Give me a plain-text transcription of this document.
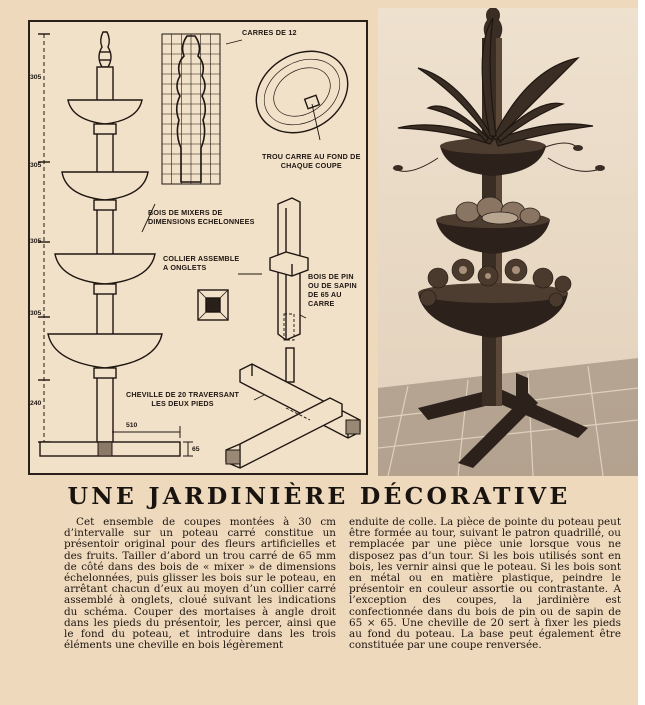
CARRES DE 12
TROU CARRE AU FOND DE
CHAQUE COUPE
BOIS DE MIXERS DE
DIMENSIONS ECHELONNEES
COLLIER ASSEMBLE
A ONGLETS
BOIS DE PIN
OU DE SAPIN
DE 65 AU
CARRE
CHEVILLE DE 20 TRAVERSANT
LES DEUX PIEDS
305
305
305
305
240
510
65
UNE JARDINIÈRE DÉCORATIVE
Cet ensemble de coupes montées à 30 cm d’intervalle sur un poteau carré constitue un présentoir original pour des fleurs artificielles et des fruits. Tailler d’abord un trou carré de 65 mm de côté dans des bois de « mixer » de dimensions échelonnées, puis glisser les bois sur le poteau, en arrêtant chacun d’eux au moyen d’un collier carré assemblé à onglets, cloué suivant les indications du schéma. Couper des mortaises à angle droit dans les pieds du présentoir, les percer, ainsi que le fond du poteau, et introduire dans les trois éléments une cheville en bois légèrement
enduite de colle. La pièce de pointe du poteau peut être formée au tour, suivant le patron quadrillé, ou remplacée par une pièce unie lorsque vous ne disposez pas d’un tour. Si les bois utilisés sont en bois, les vernir ainsi que le poteau. Si les bois sont en métal ou en matière plastique, peindre le présentoir en couleur assortie ou contrastante. A l’exception des coupes, la jardinière est confectionnée dans du bois de pin ou de sapin de 65 × 65. Une cheville de 20 sert à fixer les pieds au fond du poteau. La base peut également être constituée par une coupe renversée.
